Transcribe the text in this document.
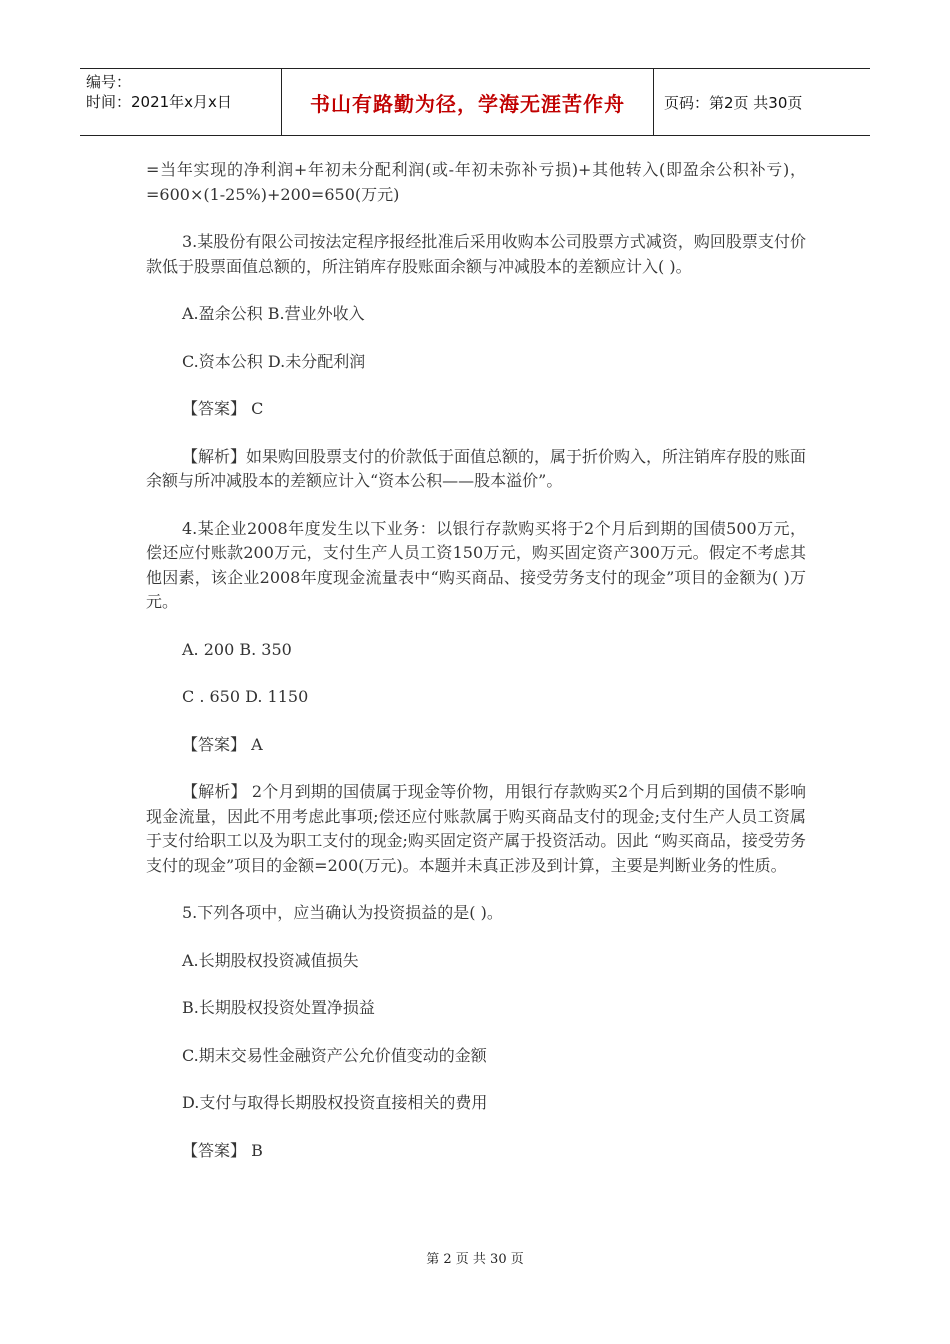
编号：
时间：2021年x月x日	书山有路勤为径，学海无涯苦作舟	页码：第2页 共30页

=当年实现的净利润+年初未分配利润(或-年初未弥补亏损)+其他转入(即盈余公积补亏)，=600×(1-25%)+200=650(万元)

3.某股份有限公司按法定程序报经批准后采用收购本公司股票方式减资，购回股票支付价款低于股票面值总额的，所注销库存股账面余额与冲减股本的差额应计入( )。

A.盈余公积 B.营业外收入
C.资本公积 D.未分配利润
【答案】 C

【解析】如果购回股票支付的价款低于面值总额的，属于折价购入，所注销库存股的账面余额与所冲减股本的差额应计入“资本公积——股本溢价”。

4.某企业2008年度发生以下业务：以银行存款购买将于2个月后到期的国债500万元，偿还应付账款200万元，支付生产人员工资150万元，购买固定资产300万元。假定不考虑其他因素，该企业2008年度现金流量表中“购买商品、接受劳务支付的现金”项目的金额为( )万元。

A. 200 B. 350
C . 650 D. 1150
【答案】 A

【解析】 2个月到期的国债属于现金等价物，用银行存款购买2个月后到期的国债不影响现金流量，因此不用考虑此事项;偿还应付账款属于购买商品支付的现金;支付生产人员工资属于支付给职工以及为职工支付的现金;购买固定资产属于投资活动。因此 “购买商品，接受劳务支付的现金”项目的金额=200(万元)。本题并未真正涉及到计算，主要是判断业务的性质。

5.下列各项中，应当确认为投资损益的是( )。

A.长期股权投资减值损失
B.长期股权投资处置净损益
C.期末交易性金融资产公允价值变动的金额
D.支付与取得长期股权投资直接相关的费用
【答案】 B
第 2 页 共 30 页
